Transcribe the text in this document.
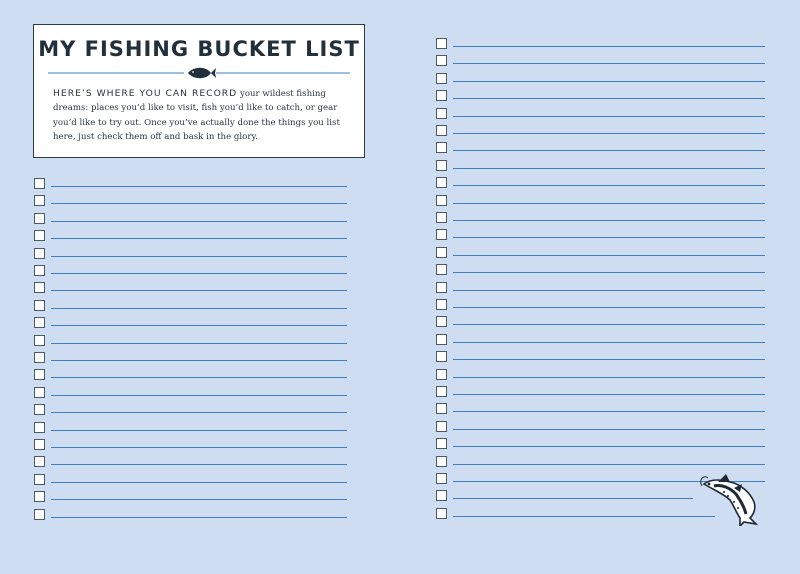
MY FISHING BUCKET LIST

HERE’S WHERE YOU CAN RECORD your wildest fishing dreams: places you’d like to visit, fish you’d like to catch, or gear you’d like to try out. Once you’ve actually done the things you list here, just check them off and bask in the glory.
